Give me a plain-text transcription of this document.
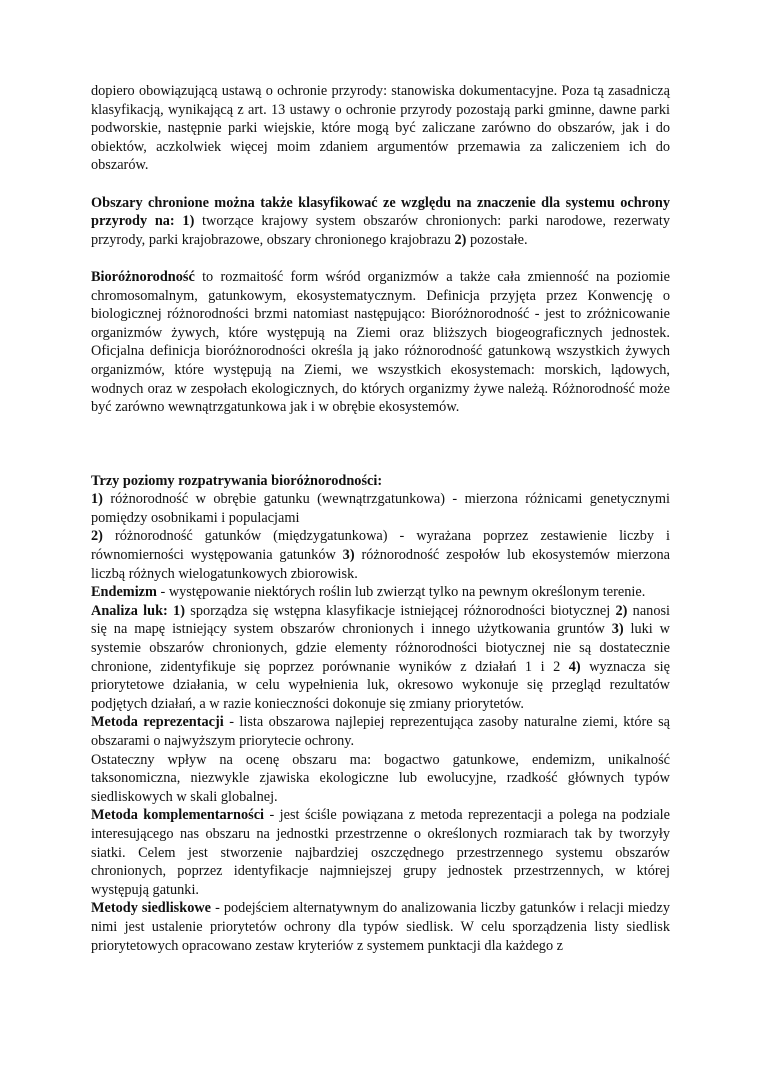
dopiero obowiązującą ustawą o ochronie przyrody: stanowiska dokumentacyjne. Poza tą zasadniczą klasyfikacją, wynikającą z art. 13 ustawy o ochronie przyrody pozostają parki gminne, dawne parki podworskie, następnie parki wiejskie, które mogą być zaliczane zarówno do obszarów, jak i do obiektów, aczkolwiek więcej moim zdaniem argumentów przemawia za zaliczeniem ich do obszarów.

Obszary chronione można także klasyfikować ze względu na znaczenie dla systemu ochrony przyrody na: 1) tworzące krajowy system obszarów chronionych: parki narodowe, rezerwaty przyrody, parki krajobrazowe, obszary chronionego krajobrazu 2) pozostałe.

Bioróżnorodność to rozmaitość form wśród organizmów a także cała zmienność na poziomie chromosomalnym, gatunkowym, ekosystematycznym. Definicja przyjęta przez Konwencję o biologicznej różnorodności brzmi natomiast następująco: Bioróżnorodność - jest to zróżnicowanie organizmów żywych, które występują na Ziemi oraz bliższych biogeograficznych jednostek. Oficjalna definicja bioróżnorodności określa ją jako różnorodność gatunkową wszystkich żywych organizmów, które występują na Ziemi, we wszystkich ekosystemach: morskich, lądowych, wodnych oraz w zespołach ekologicznych, do których organizmy żywe należą. Różnorodność może być zarówno wewnątrzgatunkowa jak i w obrębie ekosystemów.

Trzy poziomy rozpatrywania bioróżnorodności:

1) różnorodność w obrębie gatunku (wewnątrzgatunkowa) - mierzona różnicami genetycznymi pomiędzy osobnikami i populacjami

2) różnorodność gatunków (międzygatunkowa) - wyrażana poprzez zestawienie liczby i równomierności występowania gatunków 3) różnorodność zespołów lub ekosystemów mierzona liczbą różnych wielogatunkowych zbiorowisk.

Endemizm - występowanie niektórych roślin lub zwierząt tylko na pewnym określonym terenie.

Analiza luk: 1) sporządza się wstępna klasyfikacje istniejącej różnorodności biotycznej 2) nanosi się na mapę istniejący system obszarów chronionych i innego użytkowania gruntów 3) luki w systemie obszarów chronionych, gdzie elementy różnorodności biotycznej nie są dostatecznie chronione, zidentyfikuje się poprzez porównanie wyników z działań 1 i 2 4) wyznacza się priorytetowe działania, w celu wypełnienia luk, okresowo wykonuje się przegląd rezultatów podjętych działań, a w razie konieczności dokonuje się zmiany priorytetów.

Metoda reprezentacji - lista obszarowa najlepiej reprezentująca zasoby naturalne ziemi, które są obszarami o najwyższym priorytecie ochrony.

Ostateczny wpływ na ocenę obszaru ma: bogactwo gatunkowe, endemizm, unikalność taksonomiczna, niezwykle zjawiska ekologiczne lub ewolucyjne, rzadkość głównych typów siedliskowych w skali globalnej.

Metoda komplementarności - jest ściśle powiązana z metoda reprezentacji a polega na podziale interesującego nas obszaru na jednostki przestrzenne o określonych rozmiarach tak by tworzyły siatki. Celem jest stworzenie najbardziej oszczędnego przestrzennego systemu obszarów chronionych, poprzez identyfikacje najmniejszej grupy jednostek przestrzennych, w której występują gatunki.

Metody siedliskowe - podejściem alternatywnym do analizowania liczby gatunków i relacji miedzy nimi jest ustalenie priorytetów ochrony dla typów siedlisk. W celu sporządzenia listy siedlisk priorytetowych opracowano zestaw kryteriów z systemem punktacji dla każdego z
